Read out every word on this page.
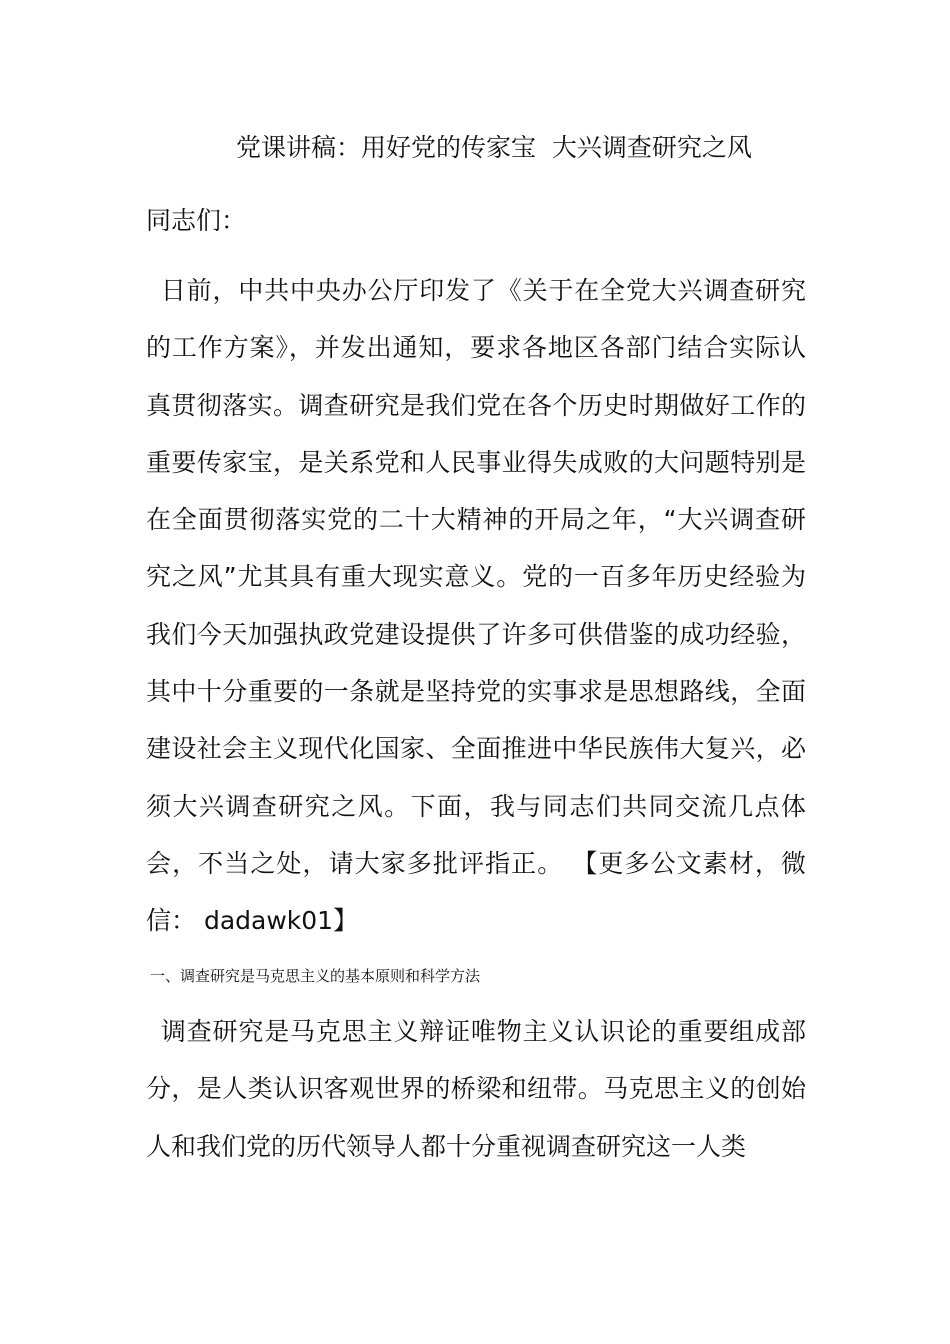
党课讲稿：用好党的传家宝  大兴调查研究之风
同志们：
日前，中共中央办公厅印发了《关于在全党大兴调查研究的工作方案》，并发出通知，要求各地区各部门结合实际认真贯彻落实。调查研究是我们党在各个历史时期做好工作的重要传家宝，是关系党和人民事业得失成败的大问题特别是在全面贯彻落实党的二十大精神的开局之年，“大兴调查研究之风”尤其具有重大现实意义。党的一百多年历史经验为我们今天加强执政党建设提供了许多可供借鉴的成功经验，其中十分重要的一条就是坚持党的实事求是思想路线，全面建设社会主义现代化国家、全面推进中华民族伟大复兴，必须大兴调查研究之风。下面，我与同志们共同交流几点体会，不当之处，请大家多批评指正。 【更多公文素材，微信： dadawk01】
一、调查研究是马克思主义的基本原则和科学方法
调查研究是马克思主义辩证唯物主义认识论的重要组成部分，是人类认识客观世界的桥梁和纽带。马克思主义的创始人和我们党的历代领导人都十分重视调查研究这一人类
